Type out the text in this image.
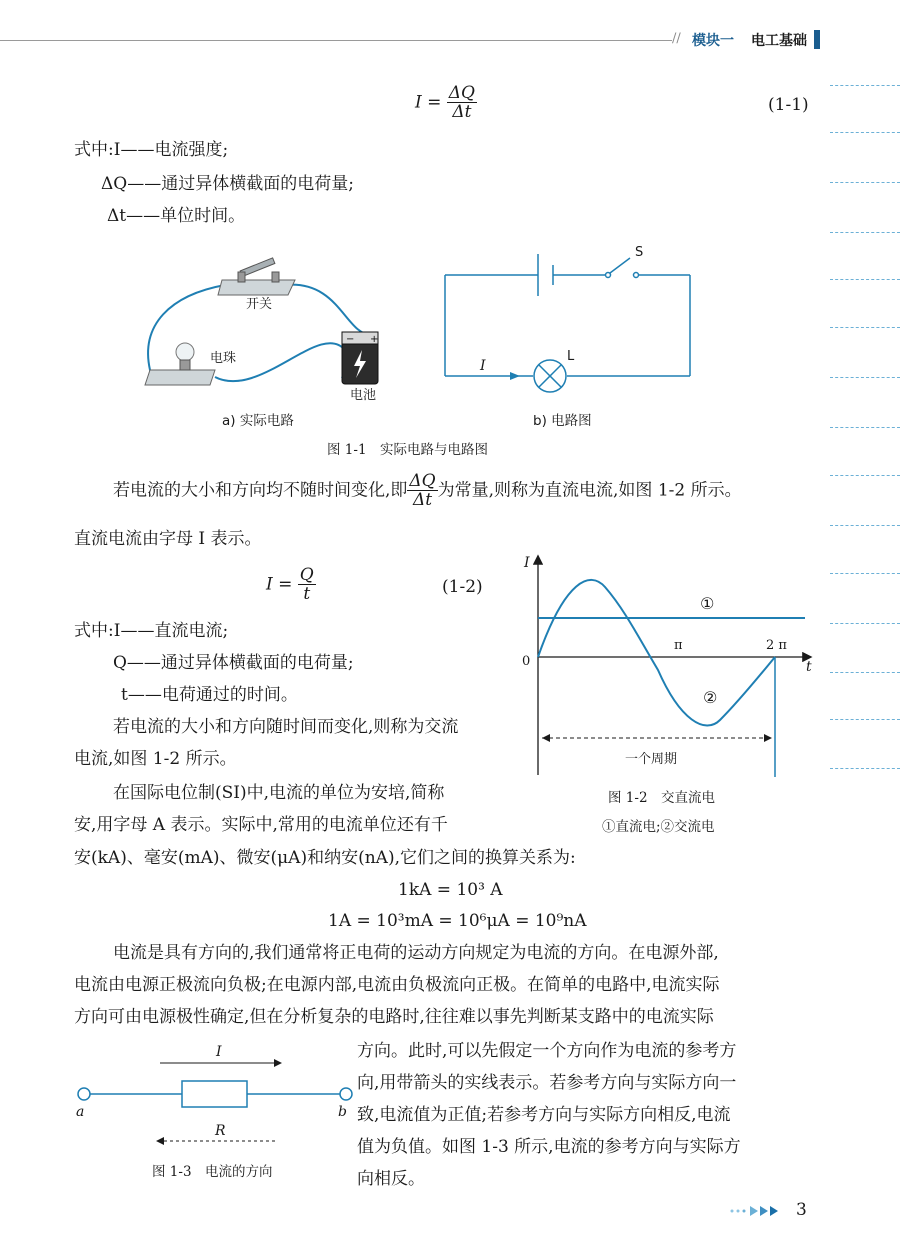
// 模块一 电工基础
$I = \frac{\Delta Q}{\Delta t}$	(1-1)
式中:I——电流强度;
ΔQ——通过异体横截面的电荷量;
Δt——单位时间。
开关
电珠
+
−
电池
a) 实际电路
S
L
I
b) 电路图
图 1-1　实际电路与电路图
若电流的大小和方向均不随时间变化,即 $\frac{\Delta Q}{\Delta t}$ 为常量,则称为直流电流,如图 1-2 所示。
直流电流由字母 I 表示。
$I = \frac{Q}{t}$	(1-2)
式中:I——直流电流;
Q——通过异体横截面的电荷量;
t——电荷通过的时间。
若电流的大小和方向随时间而变化,则称为交流
电流,如图 1-2 所示。
在国际电位制(SI)中,电流的单位为安培,简称
安,用字母 A 表示。实际中,常用的电流单位还有千
安(kA)、毫安(mA)、微安(μA)和纳安(nA),它们之间的换算关系为:
I
t
0
π	2 π
①
②
一个周期
图 1-2　交直流电
①直流电;②交流电
1kA = 10³ A
1A = 10³mA = 10⁶μA = 10⁹nA
电流是具有方向的,我们通常将正电荷的运动方向规定为电流的方向。在电源外部,
电流由电源正极流向负极;在电源内部,电流由负极流向正极。在简单的电路中,电流实际
方向可由电源极性确定,但在分析复杂的电路时,往往难以事先判断某支路中的电流实际
方向。此时,可以先假定一个方向作为电流的参考方
向,用带箭头的实线表示。若参考方向与实际方向一
致,电流值为正值;若参考方向与实际方向相反,电流
值为负值。如图 1-3 所示,电流的参考方向与实际方
向相反。
I
R
a	b
图 1-3　电流的方向
3
